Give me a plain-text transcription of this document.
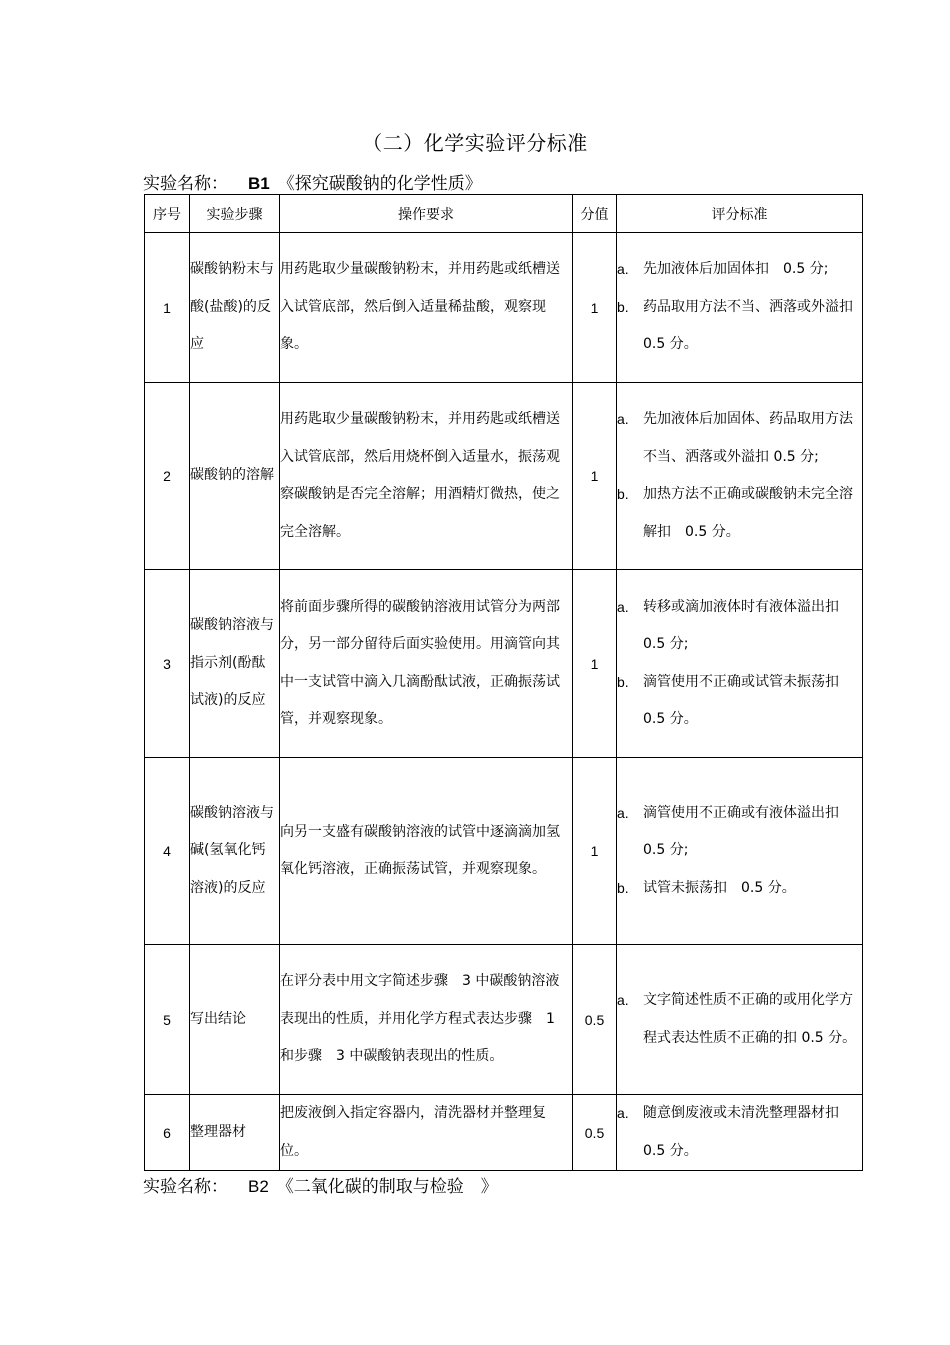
（二）化学实验评分标准
实验名称： B1 《探究碳酸钠的化学性质》
序号	实验步骤	操作要求	分值	评分标准
1	碳酸钠粉末与酸(盐酸)的反应	用药匙取少量碳酸钠粉末，并用药匙或纸槽送入试管底部，然后倒入适量稀盐酸，观察现象。	1	a. 先加液体后加固体扣　0.5 分;
b. 药品取用方法不当、洒落或外溢扣 0.5 分。

2	碳酸钠的溶解	用药匙取少量碳酸钠粉末，并用药匙或纸槽送入试管底部，然后用烧杯倒入适量水，振荡观察碳酸钠是否完全溶解；用酒精灯微热，使之完全溶解。	1	a. 先加液体后加固体、药品取用方法不当、洒落或外溢扣 0.5 分;
b. 加热方法不正确或碳酸钠未完全溶解扣　0.5 分。

3	碳酸钠溶液与指示剂(酚酞试液)的反应	将前面步骤所得的碳酸钠溶液用试管分为两部分，另一部分留待后面实验使用。用滴管向其中一支试管中滴入几滴酚酞试液，正确振荡试管，并观察现象。	1	a. 转移或滴加液体时有液体溢出扣 0.5 分;
b. 滴管使用不正确或试管未振荡扣 0.5 分。

4	碳酸钠溶液与碱(氢氧化钙溶液)的反应	向另一支盛有碳酸钠溶液的试管中逐滴滴加氢氧化钙溶液，正确振荡试管，并观察现象。	1	a. 滴管使用不正确或有液体溢出扣 0.5 分;
b. 试管未振荡扣　0.5 分。

5	写出结论	在评分表中用文字简述步骤　3 中碳酸钠溶液表现出的性质，并用化学方程式表达步骤　1 和步骤　3 中碳酸钠表现出的性质。	0.5	a. 文字简述性质不正确的或用化学方程式表达性质不正确的扣 0.5 分。

6	整理器材	把废液倒入指定容器内，清洗器材并整理复位。	0.5	a. 随意倒废液或未清洗整理器材扣 0.5 分。
实验名称： B2 《二氧化碳的制取与检验　》
